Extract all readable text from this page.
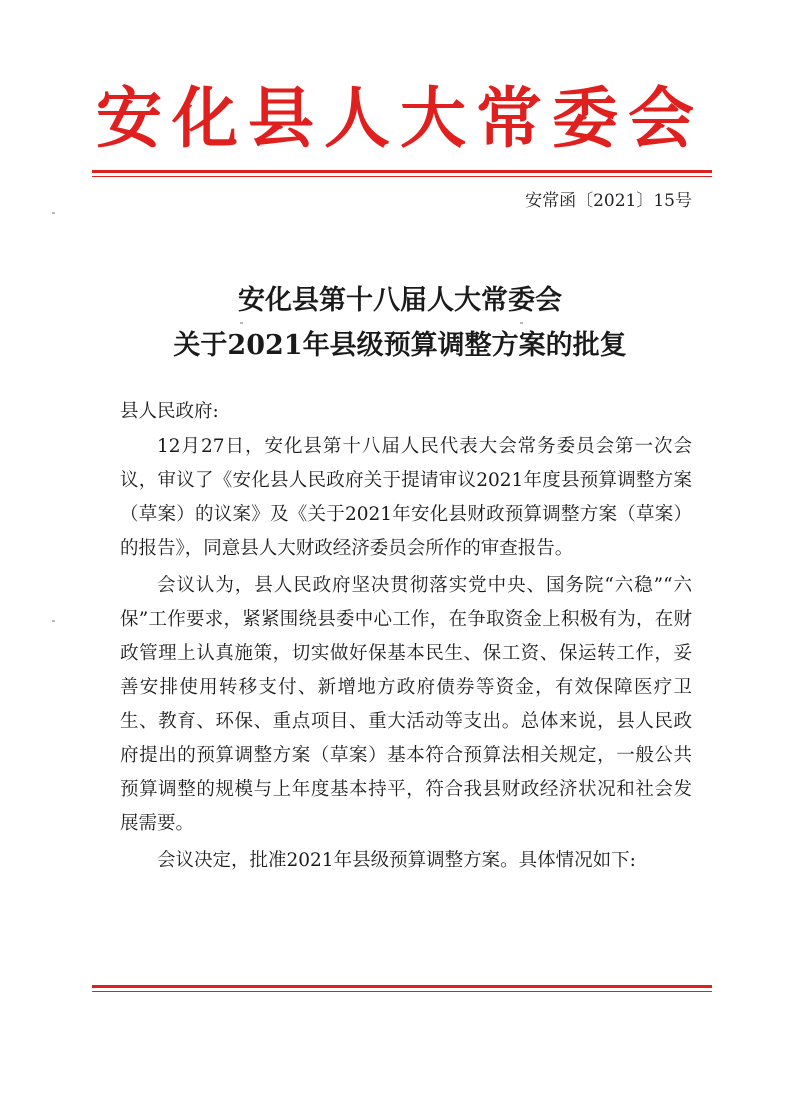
安化县人大常委会
安常函〔2021〕15号
安化县第十八届人大常委会
关于2021年县级预算调整方案的批复

县人民政府:

12月27日，安化县第十八届人民代表大会常务委员会第一次会议，审议了《安化县人民政府关于提请审议2021年度县预算调整方案（草案）的议案》及《关于2021年安化县财政预算调整方案（草案）的报告》，同意县人大财政经济委员会所作的审查报告。

会议认为，县人民政府坚决贯彻落实党中央、国务院“六稳”“六保”工作要求，紧紧围绕县委中心工作，在争取资金上积极有为，在财政管理上认真施策，切实做好保基本民生、保工资、保运转工作，妥善安排使用转移支付、新增地方政府债券等资金，有效保障医疗卫生、教育、环保、重点项目、重大活动等支出。总体来说，县人民政府提出的预算调整方案（草案）基本符合预算法相关规定，一般公共预算调整的规模与上年度基本持平，符合我县财政经济状况和社会发展需要。

会议决定，批准2021年县级预算调整方案。具体情况如下:
